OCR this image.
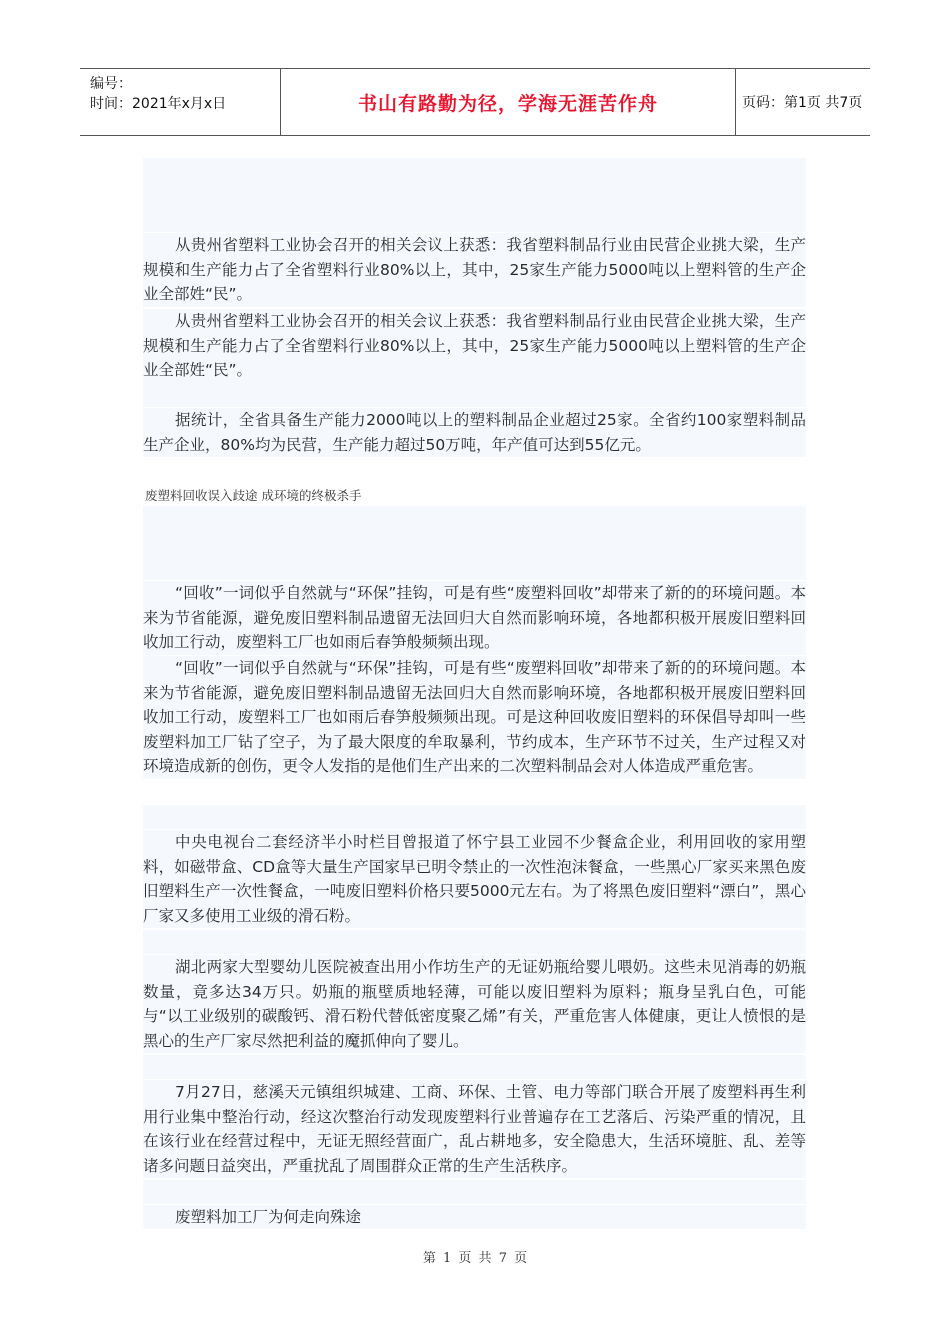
编号：
时间：2021年x月x日	书山有路勤为径，学海无涯苦作舟	页码：第1页 共7页

从贵州省塑料工业协会召开的相关会议上获悉：我省塑料制品行业由民营企业挑大梁，生产规模和生产能力占了全省塑料行业80%以上，其中，25家生产能力5000吨以上塑料管的生产企业全部姓“民”。

从贵州省塑料工业协会召开的相关会议上获悉：我省塑料制品行业由民营企业挑大梁，生产规模和生产能力占了全省塑料行业80%以上，其中，25家生产能力5000吨以上塑料管的生产企业全部姓“民”。

据统计，全省具备生产能力2000吨以上的塑料制品企业超过25家。全省约100家塑料制品生产企业，80%均为民营，生产能力超过50万吨，年产值可达到55亿元。

废塑料回收误入歧途 成环境的终极杀手

“回收”一词似乎自然就与“环保”挂钩，可是有些“废塑料回收”却带来了新的的环境问题。本来为节省能源，避免废旧塑料制品遗留无法回归大自然而影响环境，各地都积极开展废旧塑料回收加工行动，废塑料工厂也如雨后春笋般频频出现。

“回收”一词似乎自然就与“环保”挂钩，可是有些“废塑料回收”却带来了新的的环境问题。本来为节省能源，避免废旧塑料制品遗留无法回归大自然而影响环境，各地都积极开展废旧塑料回收加工行动，废塑料工厂也如雨后春笋般频频出现。可是这种回收废旧塑料的环保倡导却叫一些废塑料加工厂钻了空子，为了最大限度的牟取暴利，节约成本，生产环节不过关，生产过程又对环境造成新的创伤，更令人发指的是他们生产出来的二次塑料制品会对人体造成严重危害。

中央电视台二套经济半小时栏目曾报道了怀宁县工业园不少餐盒企业，利用回收的家用塑料，如磁带盒、CD盒等大量生产国家早已明令禁止的一次性泡沫餐盒，一些黑心厂家买来黑色废旧塑料生产一次性餐盒，一吨废旧塑料价格只要5000元左右。为了将黑色废旧塑料“漂白”，黑心厂家又多使用工业级的滑石粉。

湖北两家大型婴幼儿医院被查出用小作坊生产的无证奶瓶给婴儿喂奶。这些未见消毒的奶瓶数量，竟多达34万只。奶瓶的瓶壁质地轻薄，可能以废旧塑料为原料；瓶身呈乳白色，可能与“以工业级别的碳酸钙、滑石粉代替低密度聚乙烯”有关，严重危害人体健康，更让人愤恨的是黑心的生产厂家尽然把利益的魔抓伸向了婴儿。

7月27日，慈溪天元镇组织城建、工商、环保、土管、电力等部门联合开展了废塑料再生利用行业集中整治行动，经这次整治行动发现废塑料行业普遍存在工艺落后、污染严重的情况，且在该行业在经营过程中，无证无照经营面广，乱占耕地多，安全隐患大，生活环境脏、乱、差等诸多问题日益突出，严重扰乱了周围群众正常的生产生活秩序。

废塑料加工厂为何走向殊途

第 1 页 共 7 页
